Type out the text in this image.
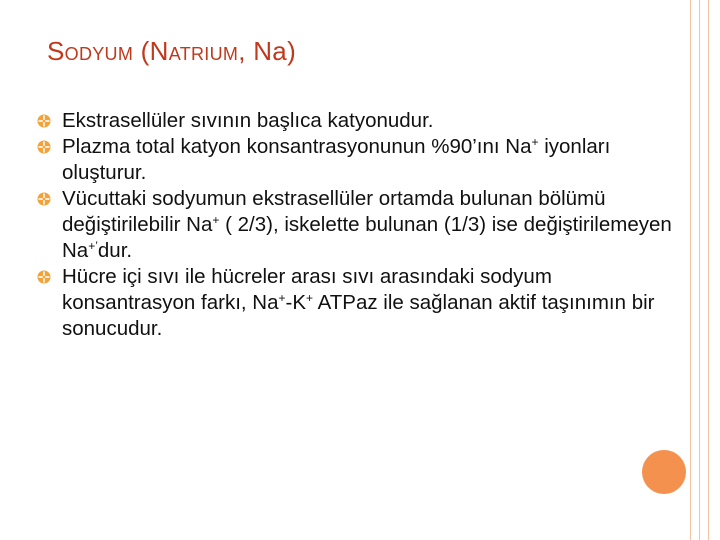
SODYUM (NATRIUM, Na)
Ekstrasellüler sıvının başlıca katyonudur.
Plazma total katyon konsantrasyonunun %90’ını Na+ iyonları oluşturur.
Vücuttaki sodyumun ekstrasellüler ortamda bulunan bölümü değiştirilebilir Na+ ( 2/3), iskelette bulunan (1/3) ise değiştirilemeyen Na+’dur.
Hücre içi sıvı ile hücreler arası sıvı arasındaki sodyum konsantrasyon farkı, Na+-K+ ATPaz ile sağlanan aktif taşınımın bir sonucudur.
